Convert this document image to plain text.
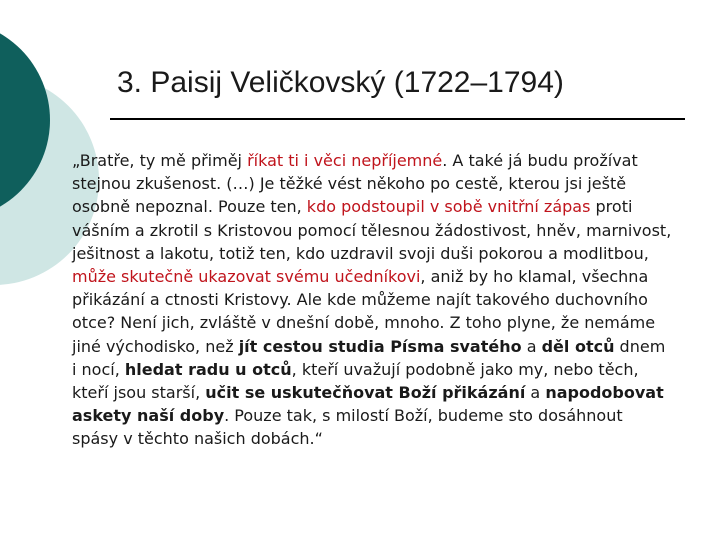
3. Paisij Veličkovský (1722–1794)

„Bratře, ty mě přiměj říkat ti i věci nepříjemné. A také já budu prožívat stejnou zkušenost. (…) Je těžké vést někoho po cestě, kterou jsi ještě osobně nepoznal. Pouze ten, kdo podstoupil v sobě vnitřní zápas proti vášním a zkrotil s Kristovou pomocí tělesnou žádostivost, hněv, marnivost, ješitnost a lakotu, totiž ten, kdo uzdravil svoji duši pokorou a modlitbou, může skutečně ukazovat svému učedníkovi, aniž by ho klamal, všechna přikázání a ctnosti Kristovy. Ale kde můžeme najít takového duchovního otce? Není jich, zvláště v dnešní době, mnoho. Z toho plyne, že nemáme jiné východisko, než jít cestou studia Písma svatého a děl otců dnem i nocí, hledat radu u otců, kteří uvažují podobně jako my, nebo těch, kteří jsou starší, učit se uskutečňovat Boží přikázání a napodobovat askety naší doby. Pouze tak, s milostí Boží, budeme sto dosáhnout spásy v těchto našich dobách.“
